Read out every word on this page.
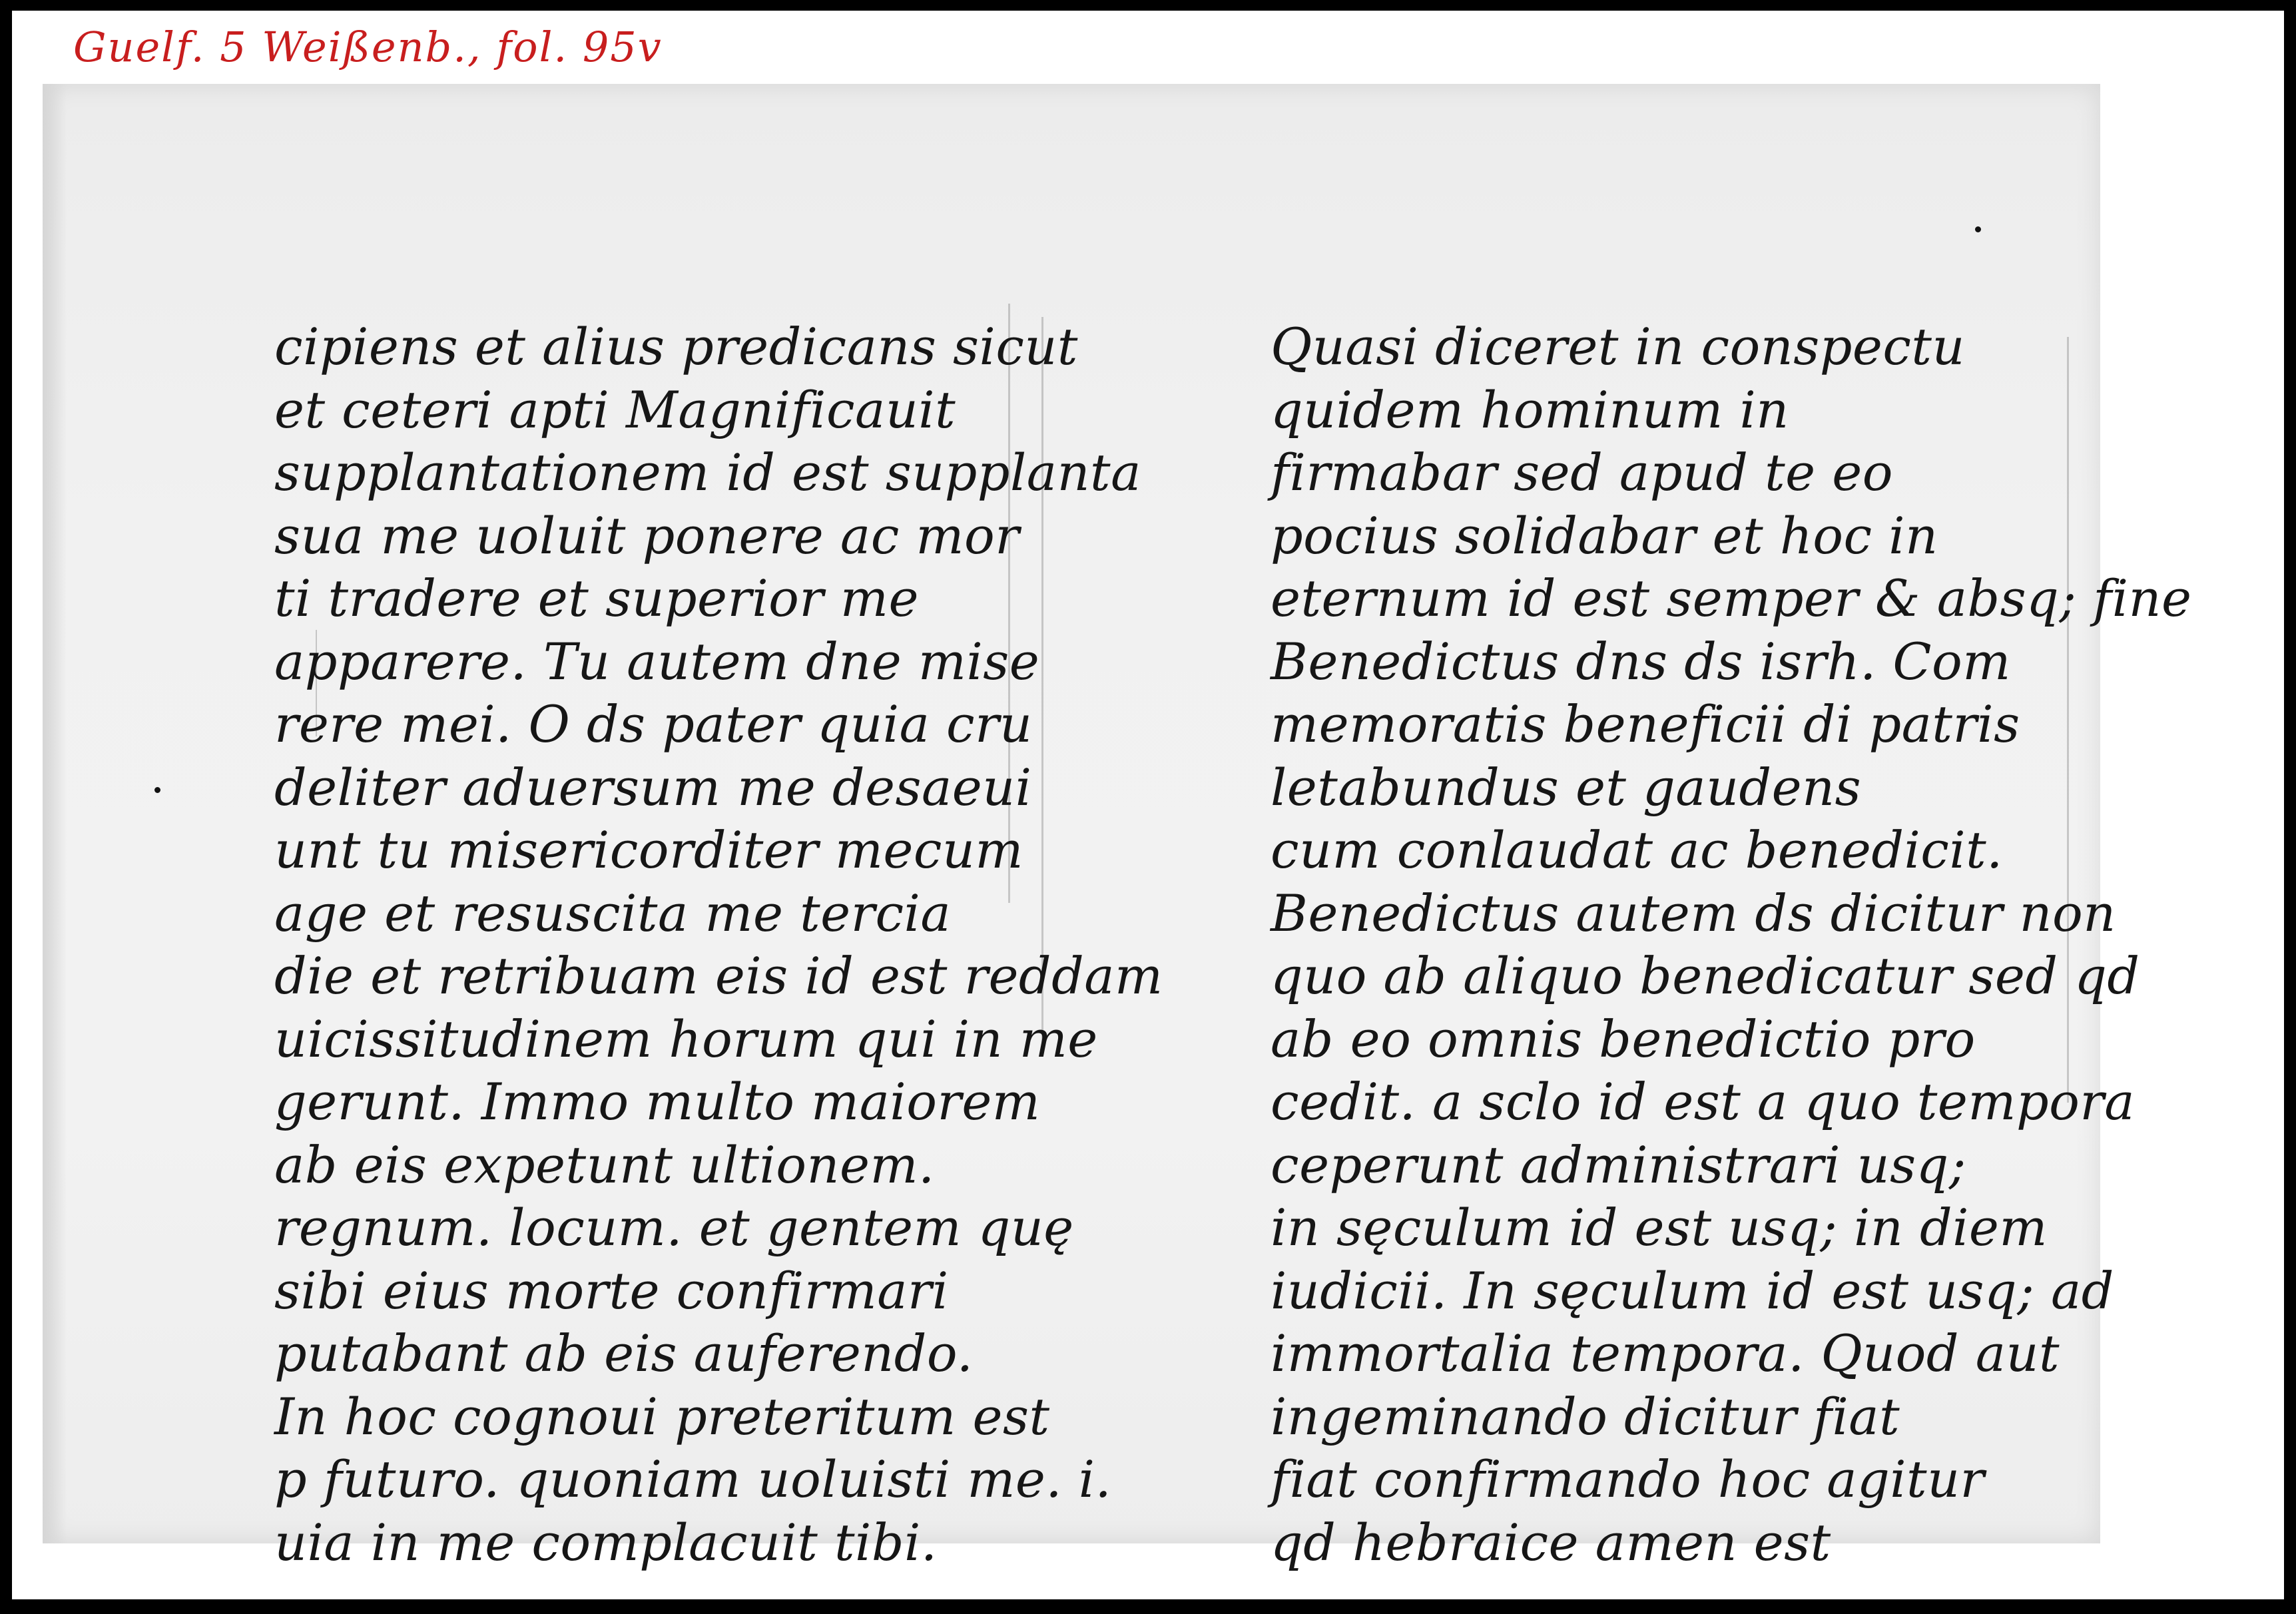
Guelf. 5 Weißenb., fol. 95v

cipiens et alius predicans sicut
et ceteri apti Magnificauit
supplantationem id est supplanta
sua me uoluit ponere ac mor
ti tradere et superior me
apparere. Tu autem dne mise
rere mei. O ds pater quia cru
deliter aduersum me desaeui
unt tu misericorditer mecum
age et resuscita me tercia
die et retribuam eis id est reddam
uicissitudinem horum qui in me
gerunt. Immo multo maiorem
ab eis expetunt ultionem.
regnum. locum. et gentem quę
sibi eius morte confirmari
putabant ab eis auferendo.
In hoc cognoui preteritum est
p futuro. quoniam uoluisti me. i.
uia in me complacuit tibi.
Quasi diceret in conspectu
quidem hominum in
firmabar sed apud te eo
pocius solidabar et hoc in
eternum id est semper & absq; fine
Benedictus dns ds isrh. Com
memoratis beneficii di patris
letabundus et gaudens
cum conlaudat ac benedicit.
Benedictus autem ds dicitur non
quo ab aliquo benedicatur sed qd
ab eo omnis benedictio pro
cedit. a sclo id est a quo tempora
ceperunt administrari usq;
in sęculum id est usq; in diem
iudicii. In sęculum id est usq; ad
immortalia tempora. Quod aut
ingeminando dicitur fiat
fiat confirmando hoc agitur
qd hebraice amen est
